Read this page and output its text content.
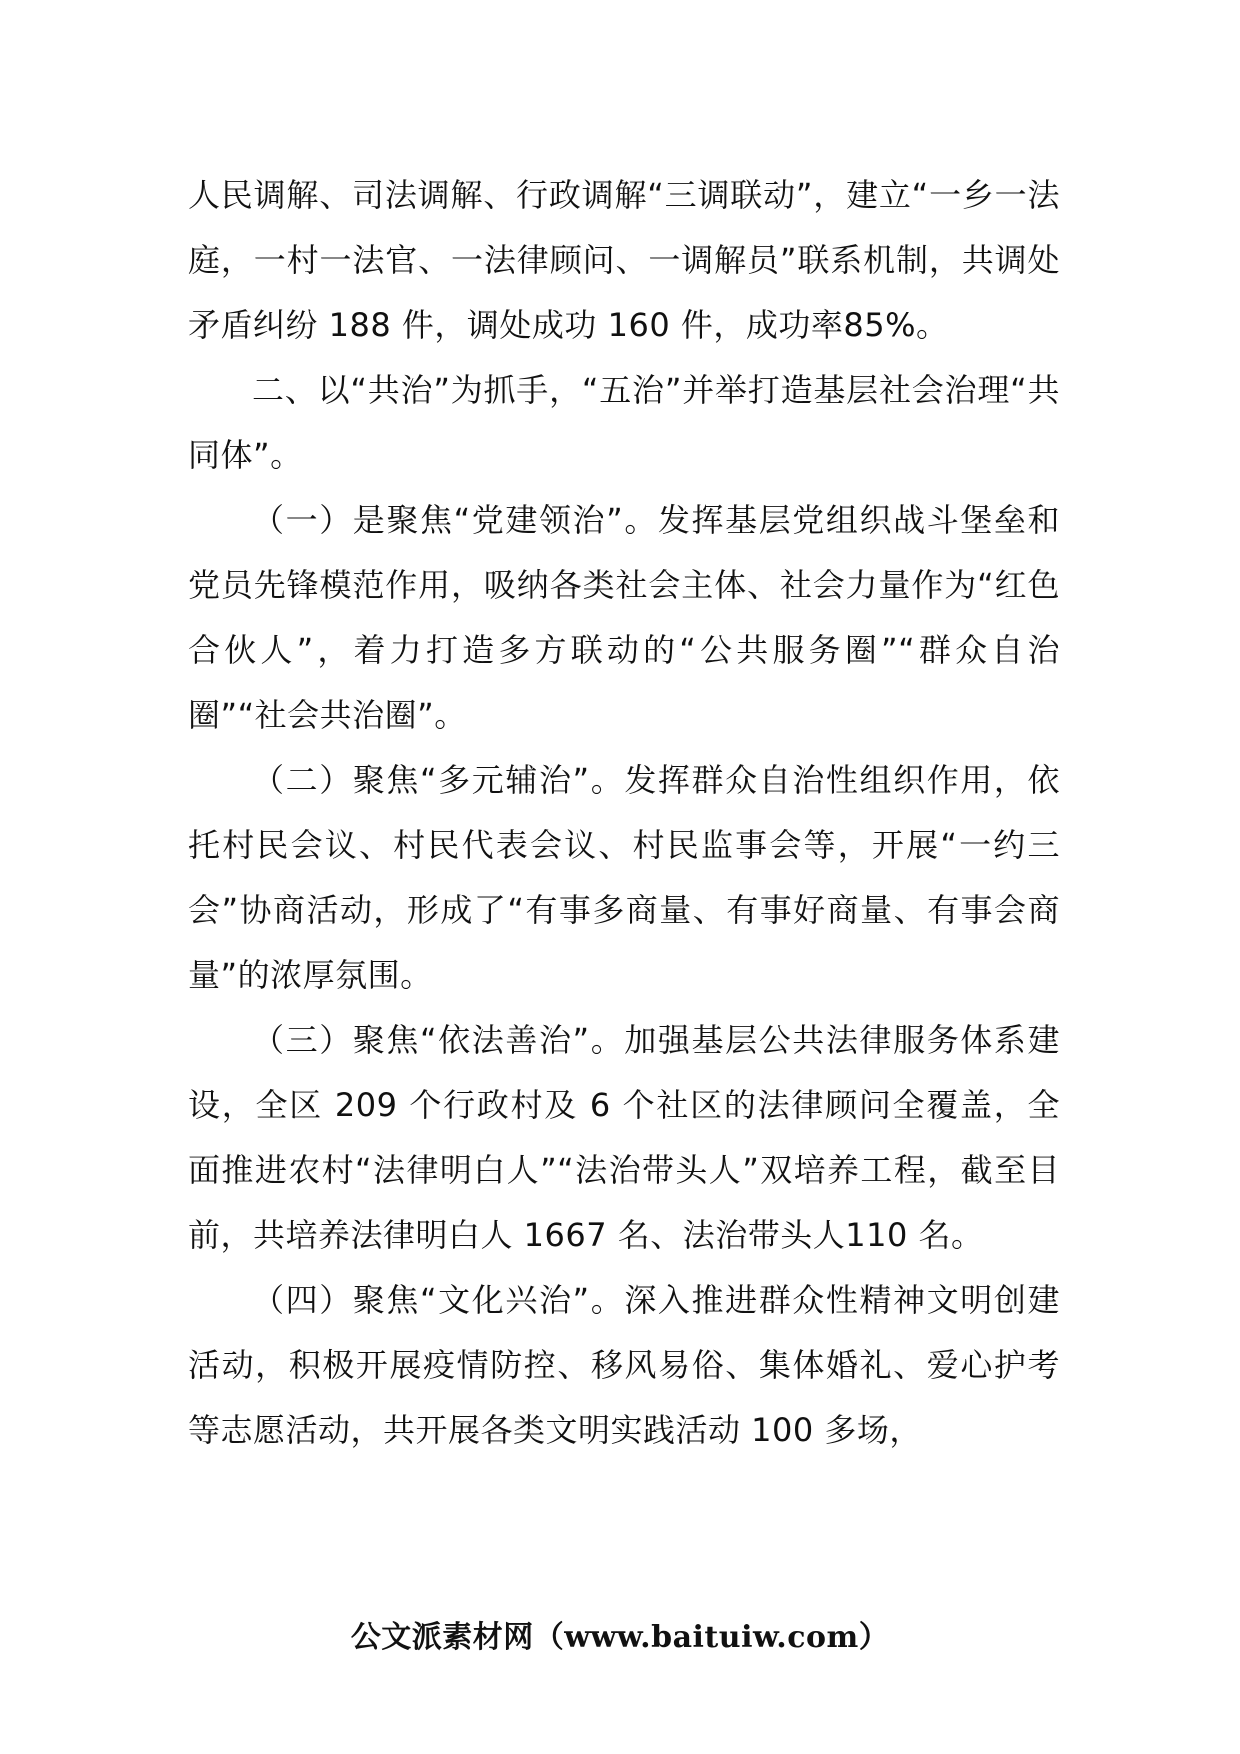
人民调解、司法调解、行政调解“三调联动”，建立“一乡一法庭，一村一法官、一法律顾问、一调解员”联系机制，共调处矛盾纠纷 188 件，调处成功 160 件，成功率85%。

二、以“共治”为抓手，“五治”并举打造基层社会治理“共同体”。

（一）是聚焦“党建领治”。发挥基层党组织战斗堡垒和党员先锋模范作用，吸纳各类社会主体、社会力量作为“红色合伙人”，着力打造多方联动的“公共服务圈”“群众自治圈”“社会共治圈”。

（二）聚焦“多元辅治”。发挥群众自治性组织作用，依托村民会议、村民代表会议、村民监事会等，开展“一约三会”协商活动，形成了“有事多商量、有事好商量、有事会商量”的浓厚氛围。

（三）聚焦“依法善治”。加强基层公共法律服务体系建设，全区 209 个行政村及 6 个社区的法律顾问全覆盖，全面推进农村“法律明白人”“法治带头人”双培养工程，截至目前，共培养法律明白人 1667 名、法治带头人110 名。

（四）聚焦“文化兴治”。深入推进群众性精神文明创建活动，积极开展疫情防控、移风易俗、集体婚礼、爱心护考等志愿活动，共开展各类文明实践活动 100 多场，

公文派素材网（www.baituiw.com）
